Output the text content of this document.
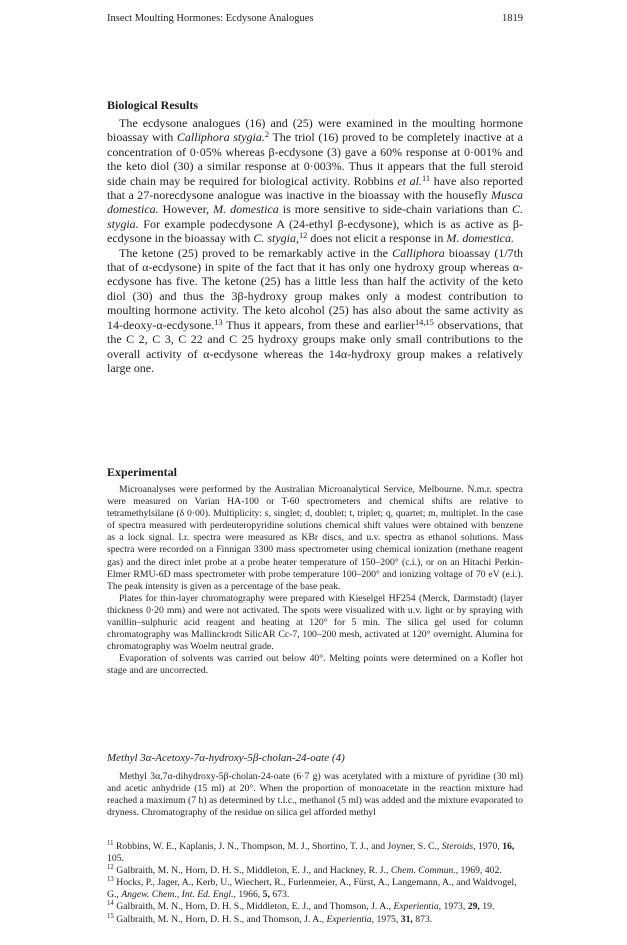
Insect Moulting Hormones: Ecdysone Analogues	1819
Biological Results

The ecdysone analogues (16) and (25) were examined in the moulting hormone bioassay with Calliphora stygia.$^2$ The triol (16) proved to be completely inactive at a concentration of 0·05% whereas β-ecdysone (3) gave a 60% response at 0·001% and the keto diol (30) a similar response at 0·003%. Thus it appears that the full steroid side chain may be required for biological activity. Robbins et al.$^{11}$ have also reported that a 27-norecdysone analogue was inactive in the bioassay with the housefly Musca domestica. However, M. domestica is more sensitive to side-chain variations than C. stygia. For example podecdysone A (24-ethyl β-ecdysone), which is as active as β-ecdysone in the bioassay with C. stygia,$^{12}$ does not elicit a response in M. domestica.

The ketone (25) proved to be remarkably active in the Calliphora bioassay (1/7th that of α-ecdysone) in spite of the fact that it has only one hydroxy group whereas α-ecdysone has five. The ketone (25) has a little less than half the activity of the keto diol (30) and thus the 3β-hydroxy group makes only a modest contribution to moulting hormone activity. The keto alcohol (25) has also about the same activity as 14-deoxy-α-ecdysone.$^{13}$ Thus it appears, from these and earlier$^{14,15}$ observations, that the C 2, C 3, C 22 and C 25 hydroxy groups make only small contributions to the overall activity of α-ecdysone whereas the 14α-hydroxy group makes a relatively large one.

Experimental

Microanalyses were performed by the Australian Microanalytical Service, Melbourne. N.m.r. spectra were measured on Varian HA-100 or T-60 spectrometers and chemical shifts are relative to tetramethylsilane (δ 0·00). Multiplicity: s, singlet; d, doublet; t, triplet; q, quartet; m, multiplet. In the case of spectra measured with perdeuteropyridine solutions chemical shift values were obtained with benzene as a lock signal. I.r. spectra were measured as KBr discs, and u.v. spectra as ethanol solutions. Mass spectra were recorded on a Finnigan 3300 mass spectrometer using chemical ionization (methane reagent gas) and the direct inlet probe at a probe heater temperature of 150–200° (c.i.), or on an Hitachi Perkin-Elmer RMU-6D mass spectrometer with probe temperature 100–200° and ionizing voltage of 70 eV (e.i.). The peak intensity is given as a percentage of the base peak.

Plates for thin-layer chromatography were prepared with Kieselgel HF254 (Merck, Darmstadt) (layer thickness 0·20 mm) and were not activated. The spots were visualized with u.v. light or by spraying with vanillin–sulphuric acid reagent and heating at 120° for 5 min. The silica gel used for column chromatography was Mallinckrodt SilicAR Cc-7, 100–200 mesh, activated at 120° overnight. Alumina for chromatography was Woelm neutral grade.

Evaporation of solvents was carried out below 40°. Melting points were determined on a Kofler hot stage and are uncorrected.

Methyl 3α-Acetoxy-7α-hydroxy-5β-cholan-24-oate (4)

Methyl 3α,7α-dihydroxy-5β-cholan-24-oate (6·7 g) was acetylated with a mixture of pyridine (30 ml) and acetic anhydride (15 ml) at 20°. When the proportion of monoacetate in the reaction mixture had reached a maximum (7 h) as determined by t.l.c., methanol (5 ml) was added and the mixture evaporated to dryness. Chromatography of the residue on silica gel afforded methyl

$^{11}$ Robbins, W. E., Kaplanis, J. N., Thompson, M. J., Shortino, T. J., and Joyner, S. C., Steroids, 1970, 16, 105.

$^{12}$ Galbraith, M. N., Horn, D. H. S., Middleton, E. J., and Hackney, R. J., Chem. Commun., 1969, 402.

$^{13}$ Hocks, P., Jager, A., Kerb, U., Wiechert, R., Furlenmeier, A., Fürst, A., Langemann, A., and Waldvogel, G., Angew. Chem., Int. Ed. Engl., 1966, 5, 673.

$^{14}$ Galbraith, M. N., Horn, D. H. S., Middleton, E. J., and Thomson, J. A., Experientia, 1973, 29, 19.

$^{15}$ Galbraith, M. N., Horn, D. H. S., and Thomson, J. A., Experientia, 1975, 31, 873.
